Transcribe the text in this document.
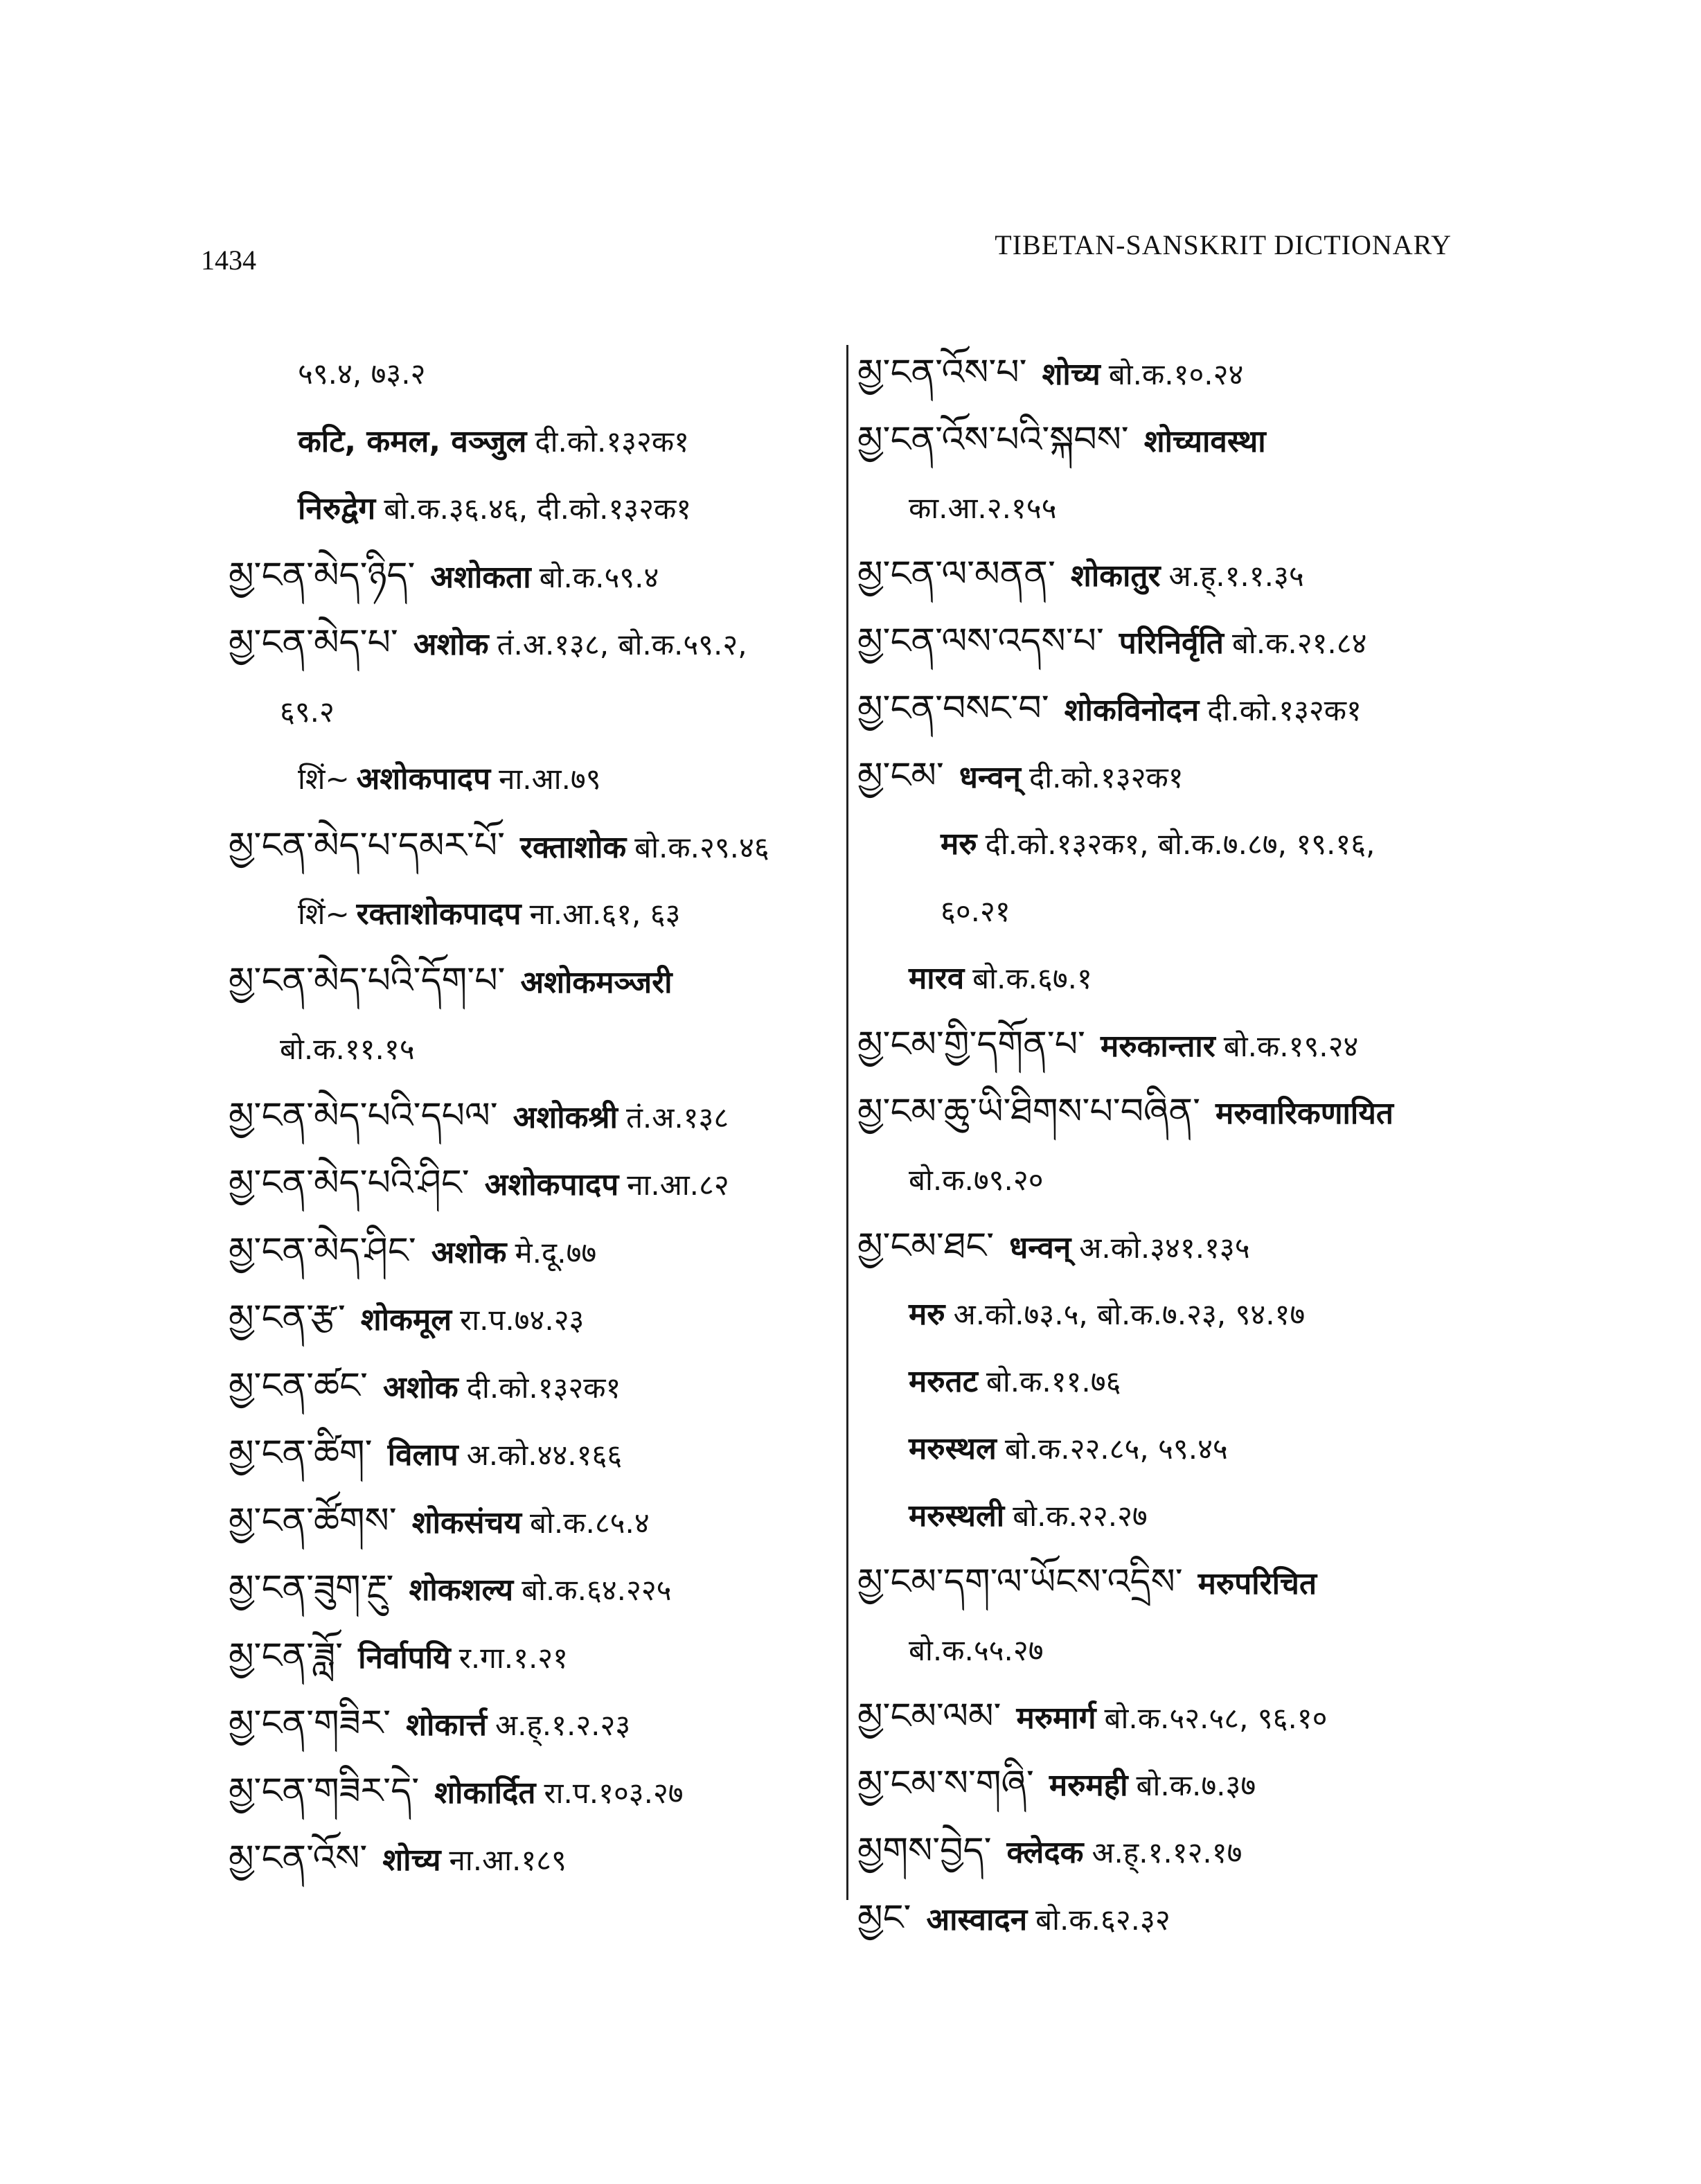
1434	TIBETAN-SANSKRIT DICTIONARY
५९.४, ७३.२
कटि, कमल, वञ्जुल दी.को.१३२क१
निरुद्वेग बो.क.३६.४६, दी.को.१३२क१
མྱ་ངན་མེད་ཉིད་ अशोकता बो.क.५९.४
མྱ་ངན་མེད་པ་ अशोक तं.अ.१३८, बो.क.५९.२,
६९.२
शिं~ अशोकपादप ना.आ.७९
མྱ་ངན་མེད་པ་དམར་པོ་ रक्ताशोक बो.क.२९.४६
शिं~ रक्ताशोकपादप ना.आ.६१, ६३
མྱ་ངན་མེད་པའི་དོག་པ་ अशोकमञ्जरी
बो.क.११.१५
མྱ་ངན་མེད་པའི་དཔལ་ अशोकश्री तं.अ.१३८
མྱ་ངན་མེད་པའི་ཤིང་ अशोकपादप ना.आ.८२
མྱ་ངན་མེད་ཤིང་ अशोक मे.दू.७७
མྱ་ངན་རྩ་ शोकमूल रा.प.७४.२३
མྱ་ངན་ཚང་ अशोक दी.को.१३२क१
མྱ་ངན་ཚིག་ विलाप अ.को.४४.१६६
མྱ་ངན་ཚོགས་ शोकसंचय बो.क.८५.४
མྱ་ངན་ཟུག་རྔུ་ शोकशल्य बो.क.६४.२२५
མྱ་ངན་ཟློ་ निर्वापयि र.गा.१.२१
མྱ་ངན་གཟིར་ शोकार्त्त अ.ह्.१.२.२३
མྱ་ངན་གཟིར་དེ་ शोकार्दित रा.प.१०३.२७
མྱ་ངན་འོས་ शोच्य ना.आ.१८९
མྱ་ངན་འོས་པ་ शोच्य बो.क.१०.२४
མྱ་ངན་འོས་པའི་སྐབས་ शोच्यावस्था
का.आ.२.१५५
མྱ་ངན་ལ་མནན་ शोकातुर अ.ह्.१.१.३५
མྱ་ངན་ལས་འདས་པ་ परिनिर्वृति बो.क.२१.८४
མྱ་ངན་བསང་བ་ शोकविनोदन दी.को.१३२क१
མྱ་ངམ་ धन्वन् दी.को.१३२क१
मरु दी.को.१३२क१, बो.क.७.८७, १९.१६,
६०.२१
मारव बो.क.६७.१
མྱ་ངམ་གྱི་དགོན་པ་ मरुकान्तार बो.क.१९.२४
མྱ་ངམ་ཆུ་ཡི་ཐིགས་པ་བཞིན་ मरुवारिकणायित
बो.क.७९.२०
མྱ་ངམ་ཐང་ धन्वन् अ.को.३४१.१३५
मरु अ.को.७३.५, बो.क.७.२३, ९४.१७
मरुतट बो.क.११.७६
मरुस्थल बो.क.२२.८५, ५९.४५
मरुस्थली बो.क.२२.२७
མྱ་ངམ་དག་ལ་ཡོངས་འདྲིས་ मरुपरिचित
बो.क.५५.२७
མྱ་ངམ་ལམ་ मरुमार्ग बो.क.५२.५८, ९६.१०
མྱ་ངམ་ས་གཞི་ मरुमही बो.क.७.३७
མྱགས་བྱེད་ क्लेदक अ.ह्.१.१२.१७
མྱང་ आस्वादन बो.क.६२.३२
